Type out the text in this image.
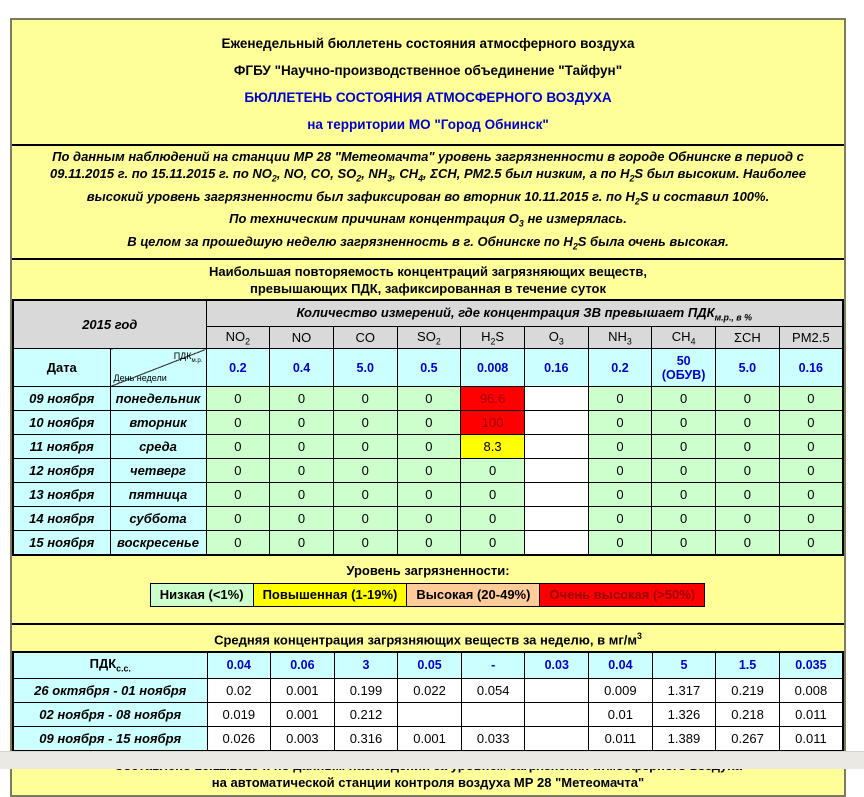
Еженедельный бюллетень состояния атмосферного воздуха

ФГБУ "Научно-производственное объединение "Тайфун"

БЮЛЛЕТЕНЬ СОСТОЯНИЯ АТМОСФЕРНОГО ВОЗДУХА

на территории МО "Город Обнинск"

По данным наблюдений на станции МР 28 "Метеомачта" уровень загрязненности в городе Обнинске в период с 09.11.2015 г. по 15.11.2015 г. по $NO_2$, NO, CO, $SO_2$, $NH_3$, $CH_4$, ΣCH, PM2.5 был низким, а по $H_2S$ был высоким. Наиболее высокий уровень загрязненности был зафиксирован во вторник 10.11.2015 г. по $H_2S$ и составил 100%.

По техническим причинам концентрация $O_3$ не измерялась.

В целом за прошедшую неделю загрязненность в г. Обнинске по $H_2S$ была очень высокая.

Наибольшая повторяемость концентраций загрязняющих веществ,
превышающих ПДК, зафиксированная в течение суток
2015 год		Количество измерений, где концентрация ЗВ превышает $ПДК_{м.р., в \%}$
		$NO_2$	NO	CO	$SO_2$	$H_2S$	$O_3$	$NH_3$	$CH_4$	ΣCH	PM2.5
Дата	$ПДК_{м.р.}$
День недели	0.2	0.4	5.0	0.5	0.008	0.16	0.2	50 (ОБУВ)	5.0	0.16
09 ноября	понедельник	0	0	0	0	96.6		0	0	0	0
10 ноября	вторник	0	0	0	0	100		0	0	0	0
11 ноября	среда	0	0	0	0	8.3		0	0	0	0
12 ноября	четверг	0	0	0	0	0		0	0	0	0
13 ноября	пятница	0	0	0	0	0		0	0	0	0
14 ноября	суббота	0	0	0	0	0		0	0	0	0
15 ноября	воскресенье	0	0	0	0	0		0	0	0	0

Уровень загрязненности:

Низкая (<1%)	Повышенная (1-19%)	Высокая (20-49%)	Очень высокая (>50%)
Средняя концентрация загрязняющих веществ за неделю, в $мг/м^3$
$ПДК_{с.с.}$	0.04	0.06	3	0.05	-	0.03	0.04	5	1.5	0.035
26 октября - 01 ноября	0.02	0.001	0.199	0.022	0.054		0.009	1.317	0.219	0.008
02 ноября - 08 ноября	0.019	0.001	0.212				0.01	1.326	0.218	0.011
09 ноября - 15 ноября	0.026	0.003	0.316	0.001	0.033		0.011	1.389	0.267	0.011
на автоматической станции контроля воздуха МР 28 "Метеомачта"
